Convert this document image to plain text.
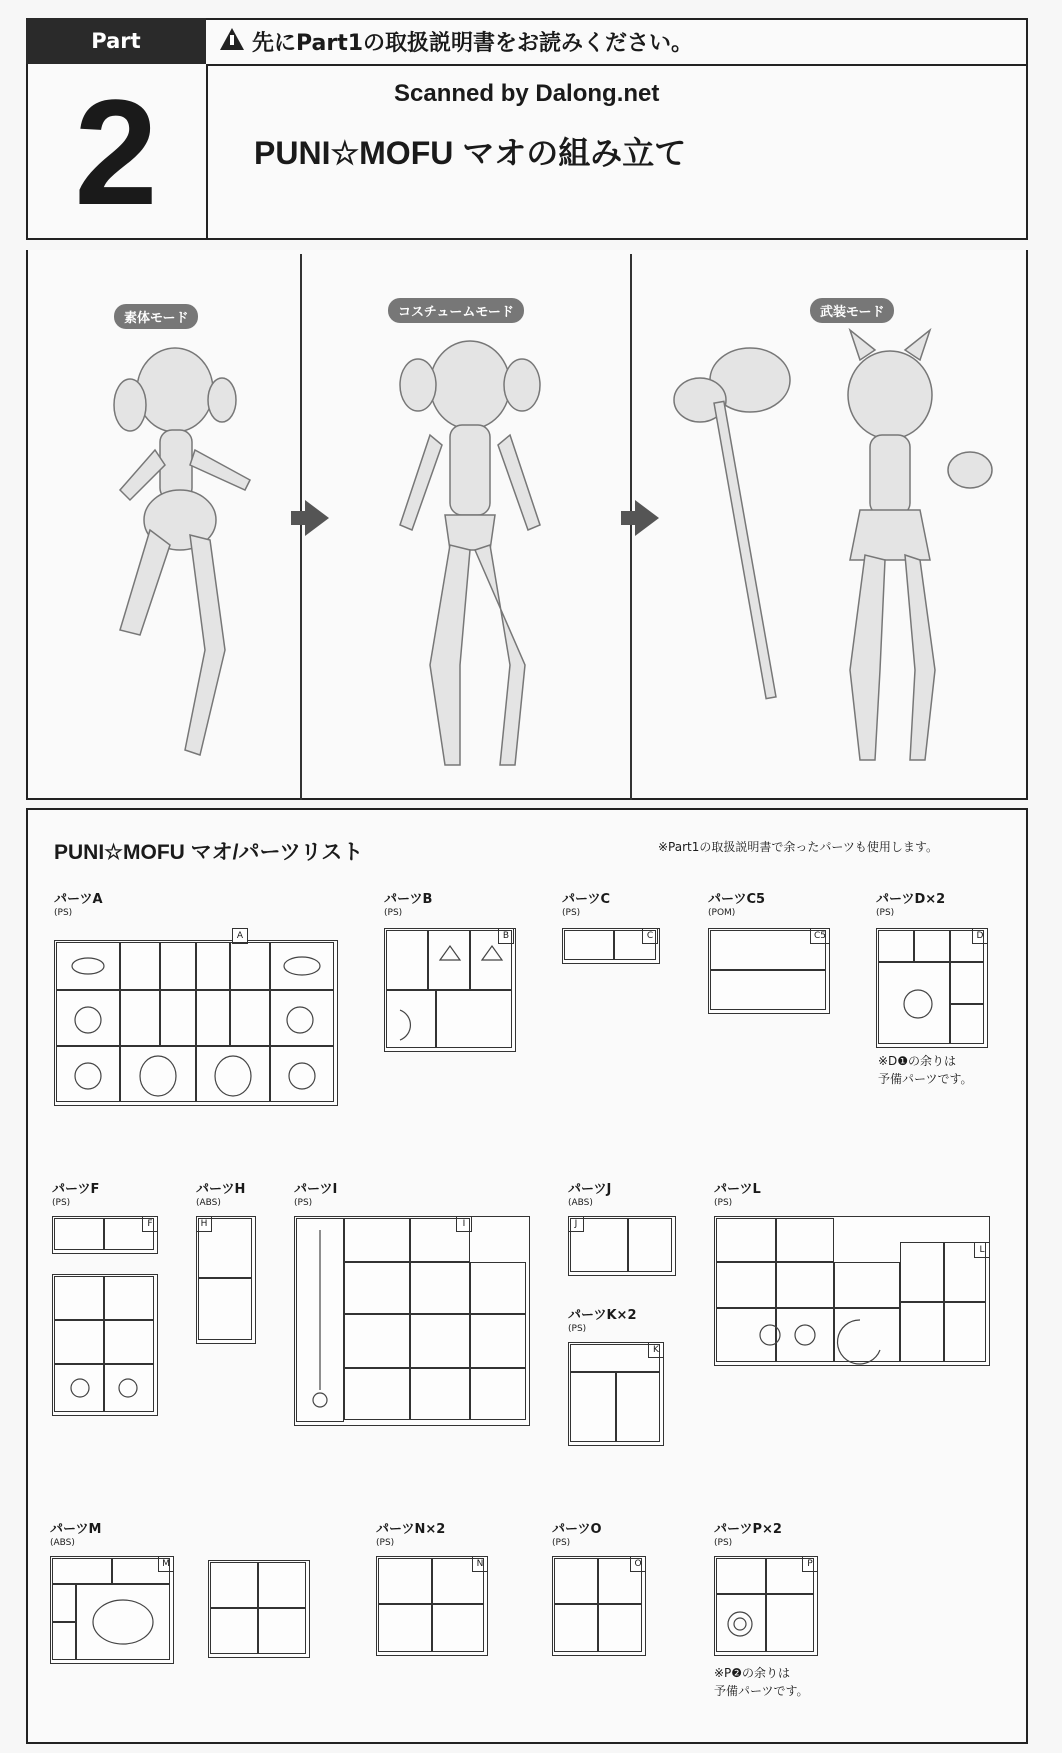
Part
2
先にPart1の取扱説明書をお読みください。
Scanned by Dalong.net
PUNI☆MOFU マオの組み立て
素体モード	コスチュームモード	武装モード
PUNI☆MOFU マオ/パーツリスト	※Part1の取扱説明書で余ったパーツも使用します。
パーツA
(PS)
A
パーツB
(PS)
B
パーツC
(PS)
C
パーツC5
(POM)
C5
パーツD×2
(PS)
D
※D❶の余りは
予備パーツです。
パーツF
(PS)
F
パーツH
(ABS)
H
パーツI
(PS)
I
パーツJ
(ABS)
J
パーツK×2
(PS)
K
パーツL
(PS)
L
パーツM
(ABS)
M
パーツN×2
(PS)
N
パーツO
(PS)
O
パーツP×2
(PS)
P
※P❷の余りは
予備パーツです。
